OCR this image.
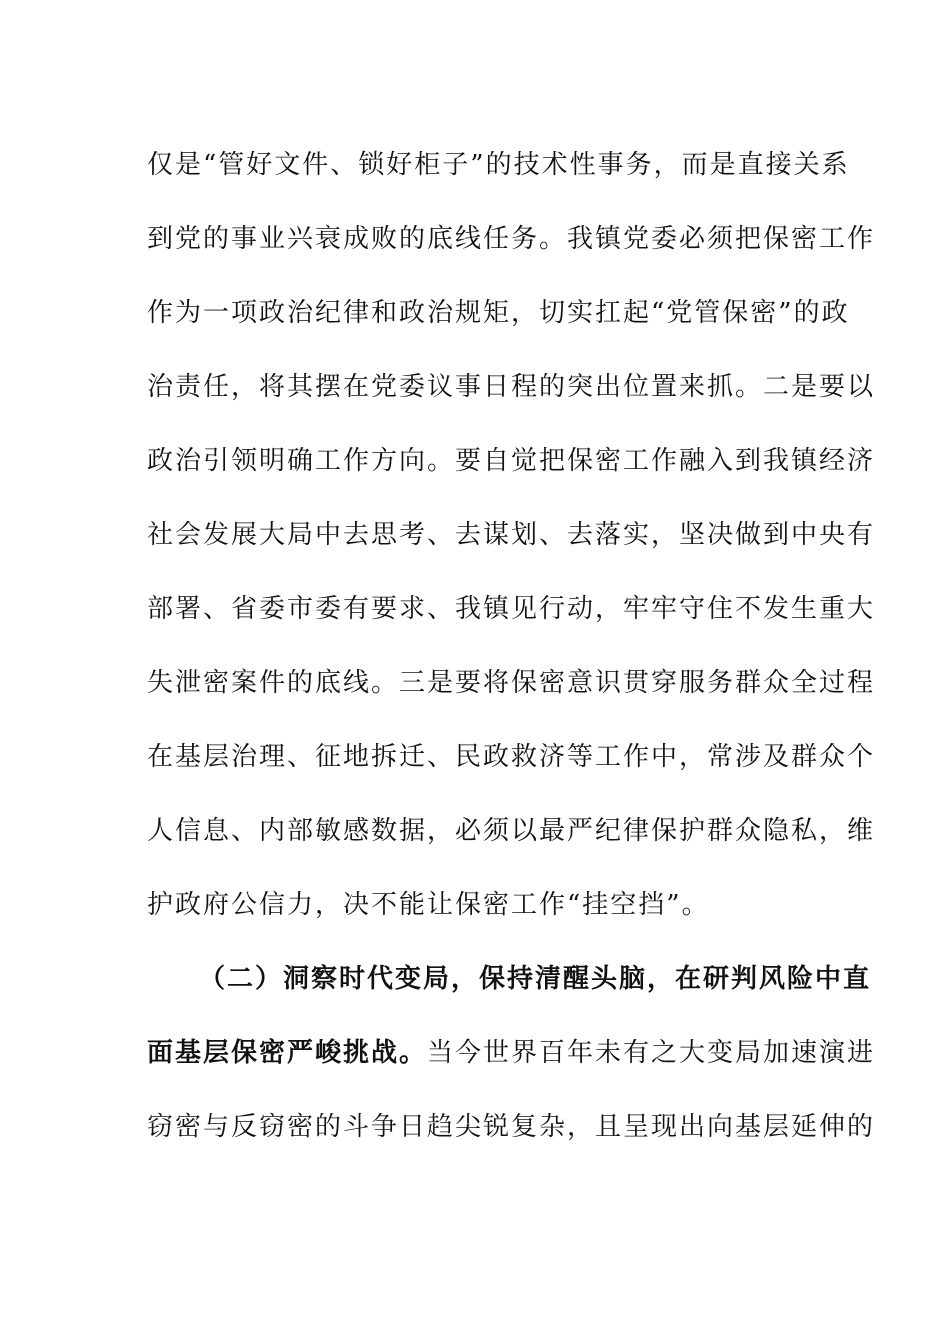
仅是“管好文件、锁好柜子”的技术性事务，而是直接关系
到党的事业兴衰成败的底线任务。我镇党委必须把保密工作
作为一项政治纪律和政治规矩，切实扛起“党管保密”的政
治责任，将其摆在党委议事日程的突出位置来抓。二是要以
政治引领明确工作方向。要自觉把保密工作融入到我镇经济
社会发展大局中去思考、去谋划、去落实，坚决做到中央有
部署、省委市委有要求、我镇见行动，牢牢守住不发生重大
失泄密案件的底线。三是要将保密意识贯穿服务群众全过程
在基层治理、征地拆迁、民政救济等工作中，常涉及群众个
人信息、内部敏感数据，必须以最严纪律保护群众隐私，维
护政府公信力，决不能让保密工作“挂空挡”。
（二）洞察时代变局，保持清醒头脑，在研判风险中直
面基层保密严峻挑战。当今世界百年未有之大变局加速演进
窃密与反窃密的斗争日趋尖锐复杂，且呈现出向基层延伸的
